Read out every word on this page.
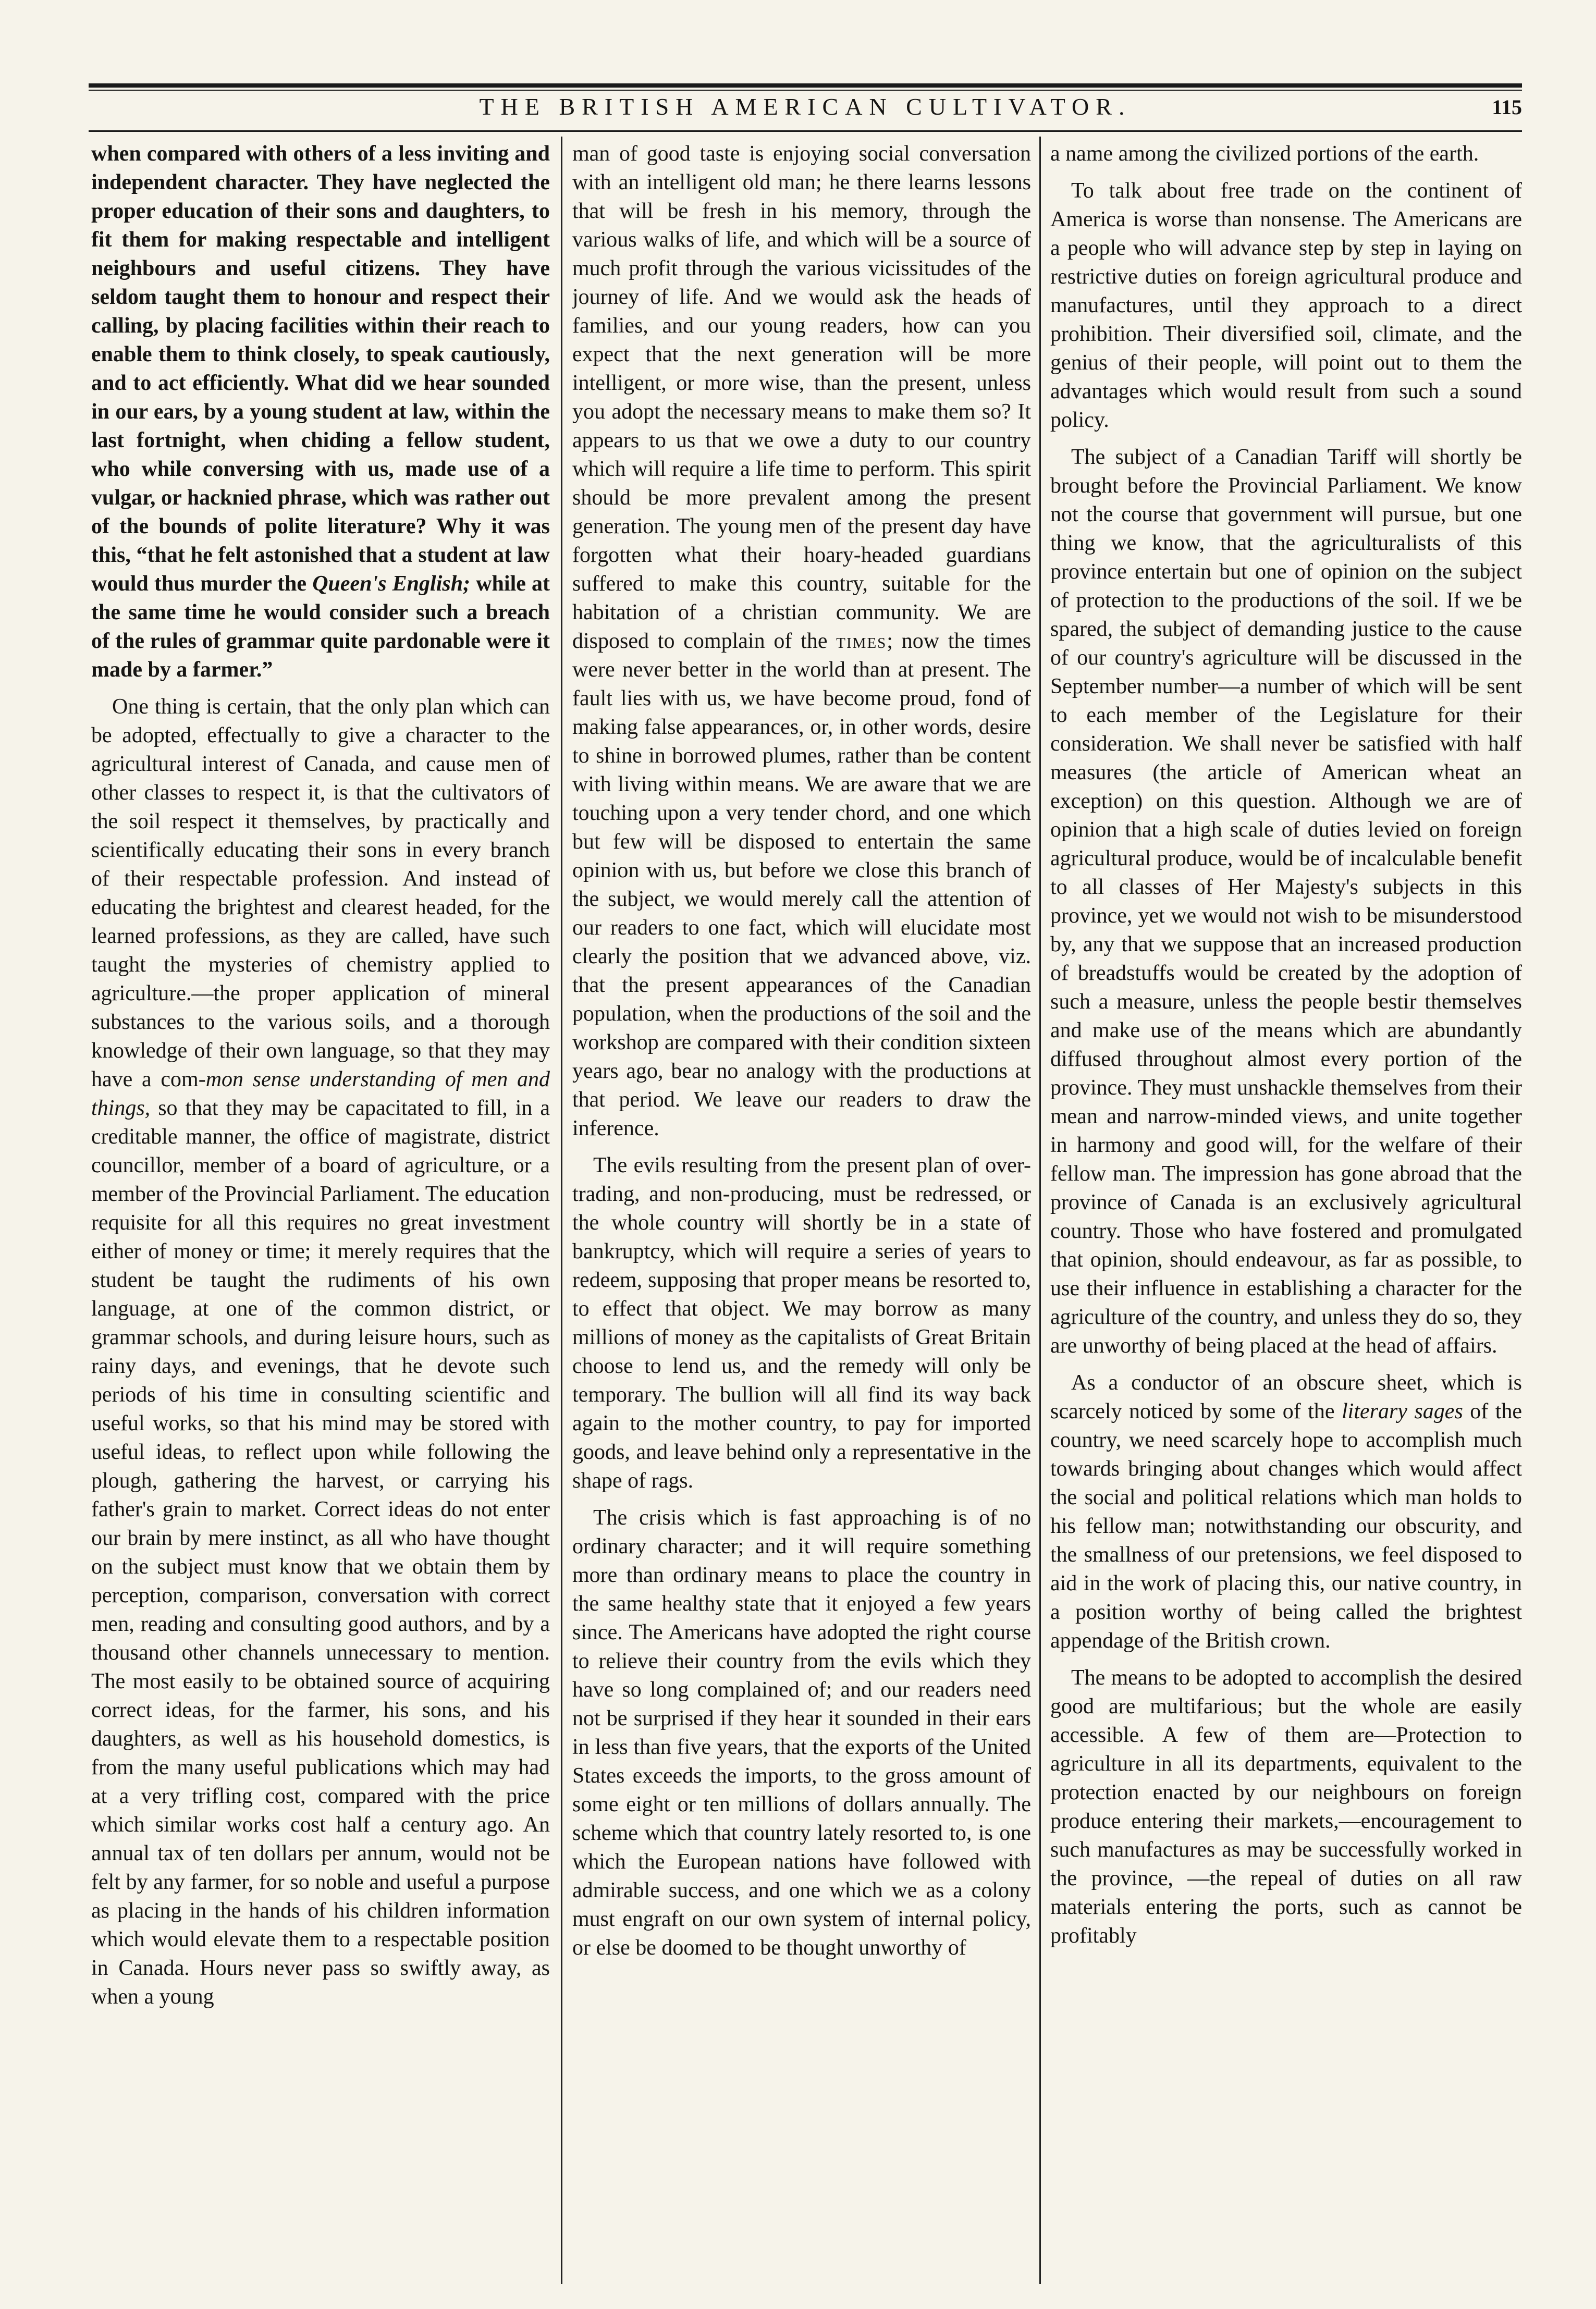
THE BRITISH AMERICAN CULTIVATOR.	115

when compared with others of a less inviting and independent character. They have neglected the proper education of their sons and daughters, to fit them for making respectable and intelligent neighbours and useful citizens. They have seldom taught them to honour and respect their calling, by placing facilities within their reach to enable them to think closely, to speak cautiously, and to act efficiently. What did we hear sounded in our ears, by a young student at law, within the last fortnight, when chiding a fellow student, who while conversing with us, made use of a vulgar, or hacknied phrase, which was rather out of the bounds of polite literature? Why it was this, “that he felt astonished that a student at law would thus murder the Queen's English; while at the same time he would consider such a breach of the rules of grammar quite pardonable were it made by a farmer.”

One thing is certain, that the only plan which can be adopted, effectually to give a character to the agricultural interest of Canada, and cause men of other classes to respect it, is that the cultivators of the soil respect it themselves, by practically and scientifically educating their sons in every branch of their respectable profession. And instead of educating the brightest and clearest headed, for the learned professions, as they are called, have such taught the mysteries of chemistry applied to agriculture.—the proper application of mineral substances to the various soils, and a thorough knowledge of their own language, so that they may have a com-mon sense understanding of men and things, so that they may be capacitated to fill, in a creditable manner, the office of magistrate, district councillor, member of a board of agriculture, or a member of the Provincial Parliament. The education requisite for all this requires no great investment either of money or time; it merely requires that the student be taught the rudiments of his own language, at one of the common district, or grammar schools, and during leisure hours, such as rainy days, and evenings, that he devote such periods of his time in consulting scientific and useful works, so that his mind may be stored with useful ideas, to reflect upon while following the plough, gathering the harvest, or carrying his father's grain to market. Correct ideas do not enter our brain by mere instinct, as all who have thought on the subject must know that we obtain them by perception, comparison, conversation with correct men, reading and consulting good authors, and by a thousand other channels unnecessary to mention. The most easily to be obtained source of acquiring correct ideas, for the farmer, his sons, and his daughters, as well as his household domestics, is from the many useful publications which may had at a very trifling cost, compared with the price which similar works cost half a century ago. An annual tax of ten dollars per annum, would not be felt by any farmer, for so noble and useful a purpose as placing in the hands of his children information which would elevate them to a respectable position in Canada. Hours never pass so swiftly away, as when a young

man of good taste is enjoying social conversation with an intelligent old man; he there learns lessons that will be fresh in his memory, through the various walks of life, and which will be a source of much profit through the various vicissitudes of the journey of life. And we would ask the heads of families, and our young readers, how can you expect that the next generation will be more intelligent, or more wise, than the present, unless you adopt the necessary means to make them so? It appears to us that we owe a duty to our country which will require a life time to perform. This spirit should be more prevalent among the present generation. The young men of the present day have forgotten what their hoary-headed guardians suffered to make this country, suitable for the habitation of a christian community. We are disposed to complain of the times; now the times were never better in the world than at present. The fault lies with us, we have become proud, fond of making false appearances, or, in other words, desire to shine in borrowed plumes, rather than be content with living within means. We are aware that we are touching upon a very tender chord, and one which but few will be disposed to entertain the same opinion with us, but before we close this branch of the subject, we would merely call the attention of our readers to one fact, which will elucidate most clearly the position that we advanced above, viz. that the present appearances of the Canadian population, when the productions of the soil and the workshop are compared with their condition sixteen years ago, bear no analogy with the productions at that period. We leave our readers to draw the inference.

The evils resulting from the present plan of over-trading, and non-producing, must be redressed, or the whole country will shortly be in a state of bankruptcy, which will require a series of years to redeem, supposing that proper means be resorted to, to effect that object. We may borrow as many millions of money as the capitalists of Great Britain choose to lend us, and the remedy will only be temporary. The bullion will all find its way back again to the mother country, to pay for imported goods, and leave behind only a representative in the shape of rags.

The crisis which is fast approaching is of no ordinary character; and it will require something more than ordinary means to place the country in the same healthy state that it enjoyed a few years since. The Americans have adopted the right course to relieve their country from the evils which they have so long complained of; and our readers need not be surprised if they hear it sounded in their ears in less than five years, that the exports of the United States exceeds the imports, to the gross amount of some eight or ten millions of dollars annually. The scheme which that country lately resorted to, is one which the European nations have followed with admirable success, and one which we as a colony must engraft on our own system of internal policy, or else be doomed to be thought unworthy of

a name among the civilized portions of the earth.

To talk about free trade on the continent of America is worse than nonsense. The Americans are a people who will advance step by step in laying on restrictive duties on foreign agricultural produce and manufactures, until they approach to a direct prohibition. Their diversified soil, climate, and the genius of their people, will point out to them the advantages which would result from such a sound policy.

The subject of a Canadian Tariff will shortly be brought before the Provincial Parliament. We know not the course that government will pursue, but one thing we know, that the agriculturalists of this province entertain but one of opinion on the subject of protection to the productions of the soil. If we be spared, the subject of demanding justice to the cause of our country's agriculture will be discussed in the September number—a number of which will be sent to each member of the Legislature for their consideration. We shall never be satisfied with half measures (the article of American wheat an exception) on this question. Although we are of opinion that a high scale of duties levied on foreign agricultural produce, would be of incalculable benefit to all classes of Her Majesty's subjects in this province, yet we would not wish to be misunderstood by, any that we suppose that an increased production of breadstuffs would be created by the adoption of such a measure, unless the people bestir themselves and make use of the means which are abundantly diffused throughout almost every portion of the province. They must unshackle themselves from their mean and narrow-minded views, and unite together in harmony and good will, for the welfare of their fellow man. The impression has gone abroad that the province of Canada is an exclusively agricultural country. Those who have fostered and promulgated that opinion, should endeavour, as far as possible, to use their influence in establishing a character for the agriculture of the country, and unless they do so, they are unworthy of being placed at the head of affairs.

As a conductor of an obscure sheet, which is scarcely noticed by some of the literary sages of the country, we need scarcely hope to accomplish much towards bringing about changes which would affect the social and political relations which man holds to his fellow man; notwithstanding our obscurity, and the smallness of our pretensions, we feel disposed to aid in the work of placing this, our native country, in a position worthy of being called the brightest appendage of the British crown.

The means to be adopted to accomplish the desired good are multifarious; but the whole are easily accessible. A few of them are—Protection to agriculture in all its departments, equivalent to the protection enacted by our neighbours on foreign produce entering their markets,—encouragement to such manufactures as may be successfully worked in the province, —the repeal of duties on all raw materials entering the ports, such as cannot be profitably
